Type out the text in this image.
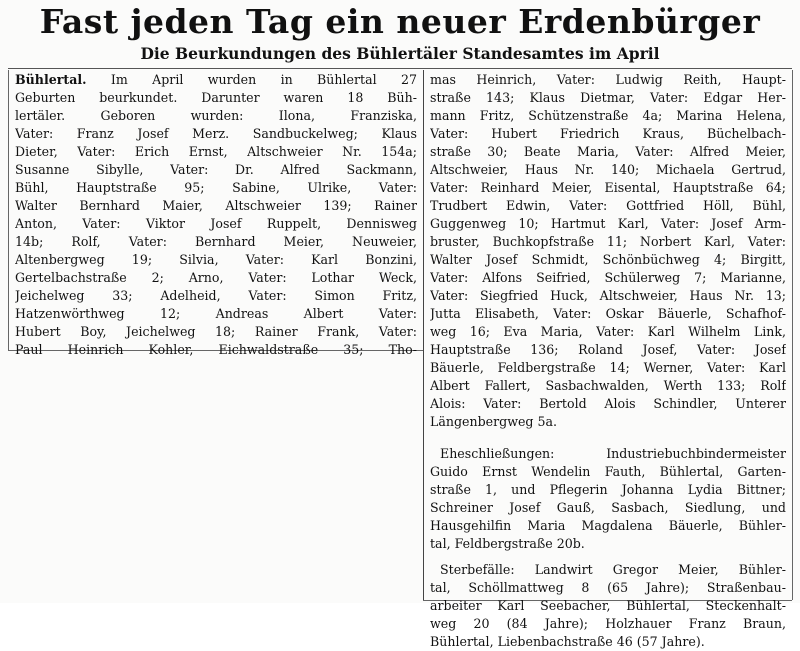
Fast jeden Tag ein neuer Erdenbürger
Die Beurkundungen des Bühlertäler Standesamtes im April
Bühlertal. Im April wurden in Bühlertal 27
Geburten beurkundet. Darunter waren 18 Büh-
lertäler. Geboren wurden: Ilona, Franziska,
Vater: Franz Josef Merz. Sandbuckelweg; Klaus
Dieter, Vater: Erich Ernst, Altschweier Nr. 154a;
Susanne Sibylle, Vater: Dr. Alfred Sackmann,
Bühl, Hauptstraße 95; Sabine, Ulrike, Vater:
Walter Bernhard Maier, Altschweier 139; Rainer
Anton, Vater: Viktor Josef Ruppelt, Dennisweg
14b; Rolf, Vater: Bernhard Meier, Neuweier,
Altenbergweg 19; Silvia, Vater: Karl Bonzini,
Gertelbachstraße 2; Arno, Vater: Lothar Weck,
Jeichelweg 33; Adelheid, Vater: Simon Fritz,
Hatzenwörthweg 12; Andreas Albert Vater:
Hubert Boy, Jeichelweg 18; Rainer Frank, Vater:
Paul Heinrich Kohler, Eichwaldstraße 35; Tho-
mas Heinrich, Vater: Ludwig Reith, Haupt-
straße 143; Klaus Dietmar, Vater: Edgar Her-
mann Fritz, Schützenstraße 4a; Marina Helena,
Vater: Hubert Friedrich Kraus, Büchelbach-
straße 30; Beate Maria, Vater: Alfred Meier,
Altschweier, Haus Nr. 140; Michaela Gertrud,
Vater: Reinhard Meier, Eisental, Hauptstraße 64;
Trudbert Edwin, Vater: Gottfried Höll, Bühl,
Guggenweg 10; Hartmut Karl, Vater: Josef Arm-
bruster, Buchkopfstraße 11; Norbert Karl, Vater:
Walter Josef Schmidt, Schönbüchweg 4; Birgitt,
Vater: Alfons Seifried, Schülerweg 7; Marianne,
Vater: Siegfried Huck, Altschweier, Haus Nr. 13;
Jutta Elisabeth, Vater: Oskar Bäuerle, Schafhof-
weg 16; Eva Maria, Vater: Karl Wilhelm Link,
Hauptstraße 136; Roland Josef, Vater: Josef
Bäuerle, Feldbergstraße 14; Werner, Vater: Karl
Albert Fallert, Sasbachwalden, Werth 133; Rolf
Alois: Vater: Bertold Alois Schindler, Unterer
Längenbergweg 5a.
Eheschließungen: Industriebuchbindermeister
Guido Ernst Wendelin Fauth, Bühlertal, Garten-
straße 1, und Pflegerin Johanna Lydia Bittner;
Schreiner Josef Gauß, Sasbach, Siedlung, und
Hausgehilfin Maria Magdalena Bäuerle, Bühler-
tal, Feldbergstraße 20b.
Sterbefälle: Landwirt Gregor Meier, Bühler-
tal, Schöllmattweg 8 (65 Jahre); Straßenbau-
arbeiter Karl Seebacher, Bühlertal, Steckenhalt-
weg 20 (84 Jahre); Holzhauer Franz Braun,
Bühlertal, Liebenbachstraße 46 (57 Jahre).
